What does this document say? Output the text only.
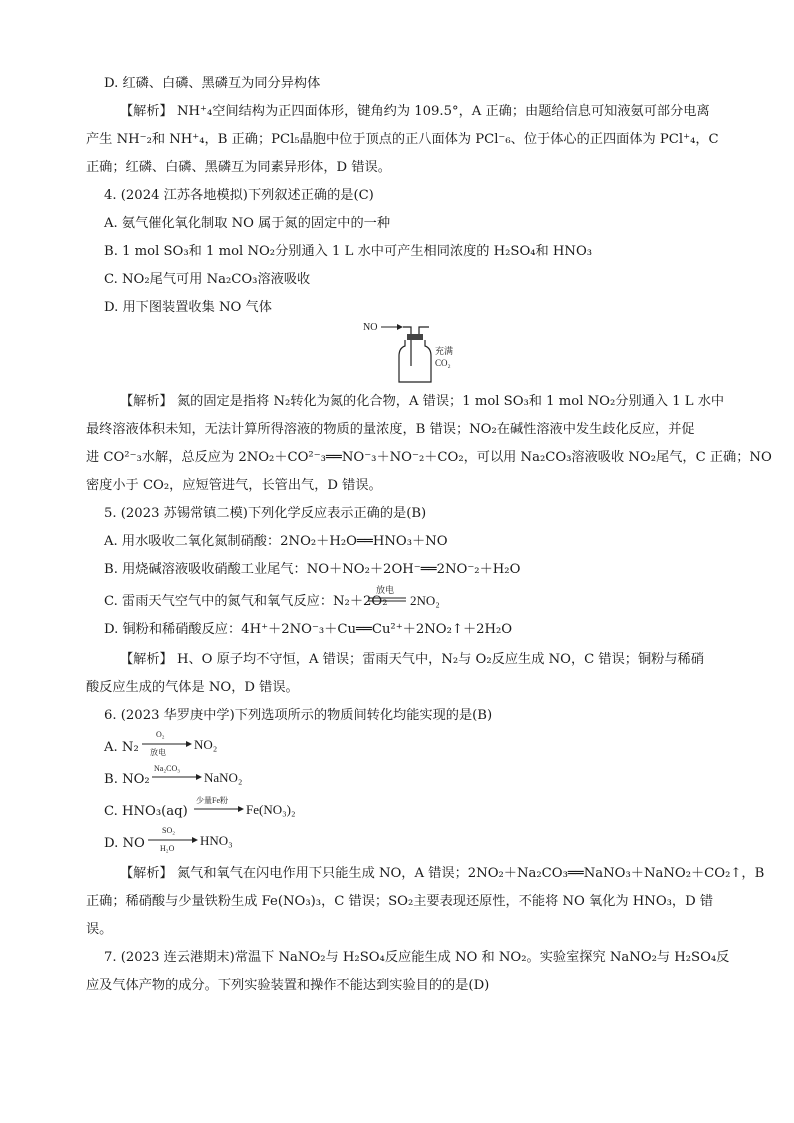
D. 红磷、白磷、黑磷互为同分异构体
【解析】 NH⁺₄空间结构为正四面体形，键角约为 109.5°，A 正确；由题给信息可知液氨可部分电离
产生 NH⁻₂和 NH⁺₄，B 正确；PCl₅晶胞中位于顶点的正八面体为 PCl⁻₆、位于体心的正四面体为 PCl⁺₄，C
正确；红磷、白磷、黑磷互为同素异形体，D 错误。
4. (2024 江苏各地模拟)下列叙述正确的是(C)
A. 氨气催化氧化制取 NO 属于氮的固定中的一种
B. 1 mol SO₃和 1 mol NO₂分别通入 1 L 水中可产生相同浓度的 H₂SO₄和 HNO₃
C. NO₂尾气可用 Na₂CO₃溶液吸收
D. 用下图装置收集 NO 气体
NO
充满
CO₂
【解析】 氮的固定是指将 N₂转化为氮的化合物，A 错误；1 mol SO₃和 1 mol NO₂分别通入 1 L 水中
最终溶液体积未知，无法计算所得溶液的物质的量浓度，B 错误；NO₂在碱性溶液中发生歧化反应，并促
进 CO²⁻₃水解，总反应为 2NO₂＋CO²⁻₃══NO⁻₃＋NO⁻₂＋CO₂，可以用 Na₂CO₃溶液吸收 NO₂尾气，C 正确；NO
密度小于 CO₂，应短管进气，长管出气，D 错误。
5. (2023 苏锡常镇二模)下列化学反应表示正确的是(B)
A. 用水吸收二氧化氮制硝酸：2NO₂＋H₂O══HNO₃＋NO
B. 用烧碱溶液吸收硝酸工业尾气：NO＋NO₂＋2OH⁻══2NO⁻₂＋H₂O
C. 雷雨天气空气中的氮气和氧气反应：N₂＋2O₂
放电
2NO₂
D. 铜粉和稀硝酸反应：4H⁺＋2NO⁻₃＋Cu══Cu²⁺＋2NO₂↑＋2H₂O
【解析】 H、O 原子均不守恒，A 错误；雷雨天气中，N₂与 O₂反应生成 NO，C 错误；铜粉与稀硝
酸反应生成的气体是 NO，D 错误。
6. (2023 华罗庚中学)下列选项所示的物质间转化均能实现的是(B)
A. N₂
O₂
放电
NO₂
B. NO₂
Na₂CO₃
NaNO₂
C. HNO₃(aq)
少量Fe粉
Fe(NO₃)₂
D. NO
SO₂
H₂O
HNO₃
【解析】 氮气和氧气在闪电作用下只能生成 NO，A 错误；2NO₂＋Na₂CO₃══NaNO₃＋NaNO₂＋CO₂↑，B
正确；稀硝酸与少量铁粉生成 Fe(NO₃)₃，C 错误；SO₂主要表现还原性，不能将 NO 氧化为 HNO₃，D 错
误。
7. (2023 连云港期末)常温下 NaNO₂与 H₂SO₄反应能生成 NO 和 NO₂。实验室探究 NaNO₂与 H₂SO₄反
应及气体产物的成分。下列实验装置和操作不能达到实验目的的是(D)
